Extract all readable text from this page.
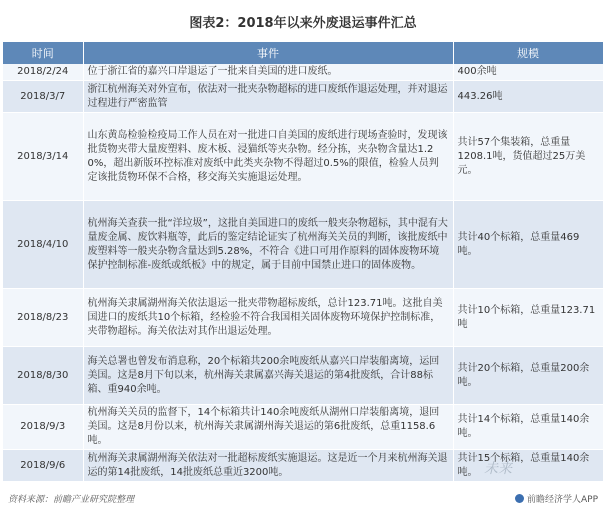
图表2：2018年以来外废退运事件汇总
时间	事件	规模
2018/2/24	位于浙江省的嘉兴口岸退运了一批来自美国的进口废纸。	400余吨
2018/3/7	浙江杭州海关对外宣布，依法对一批夹杂物超标的进口废纸作退运处理，并对退运过程进行严密监管	443.26吨
2018/3/14	山东黄岛检验检疫局工作人员在对一批进口自美国的废纸进行现场查验时，发现该批货物夹带大量废塑料、废木板、浸猫纸等夹杂物。经分拣，夹杂物含量达1.20%，超出新版环控标准对废纸中此类夹杂物不得超过0.5%的限值，检验人员判定该批货物环保不合格，移交海关实施退运处理。	共计57个集装箱，总重量1208.1吨，货值超过25万美元。
2018/4/10	杭州海关查获一批“洋垃圾”，这批自美国进口的废纸一般夹杂物超标，其中混有大量废金属、废饮料瓶等，此后的鉴定结论证实了杭州海关关员的判断，该批废纸中废塑料等一般夹杂物含量达到5.28%，不符合《进口可用作原料的固体废物环境保护控制标准-废纸或纸板》中的规定，属于目前中国禁止进口的固体废物。	共计40个标箱，总重量469吨。
2018/8/23	杭州海关隶属湖州海关依法退运一批夹带物超标废纸，总计123.71吨。这批自美国进口的废纸共10个标箱，经检验不符合我国相关固体废物环境保护控制标准，夹带物超标。海关依法对其作出退运处理。	共计10个标箱，总重量123.71吨
2018/8/30	海关总署也曾发布消息称，20个标箱共200余吨废纸从嘉兴口岸装船离境，运回美国。这是8月下旬以来，杭州海关隶属嘉兴海关退运的第4批废纸，合计88标箱、重940余吨。	共计20个标箱，总重量200余吨。
2018/9/3	杭州海关关员的监督下，14个标箱共计140余吨废纸从湖州口岸装船离境，退回美国。这是8月份以来，杭州海关隶属湖州海关退运的第6批废纸，总重1158.6吨。	共计14个标箱，总重量140余吨。
2018/9/6	杭州海关隶属湖州海关依法对一批超标废纸实施退运。这是近一个月来杭州海关退运的第14批废纸，14批废纸总重近3200吨。	共计15个标箱，总重量140余吨。 未来
资料来源：前瞻产业研究院整理	前瞻经济学人APP
